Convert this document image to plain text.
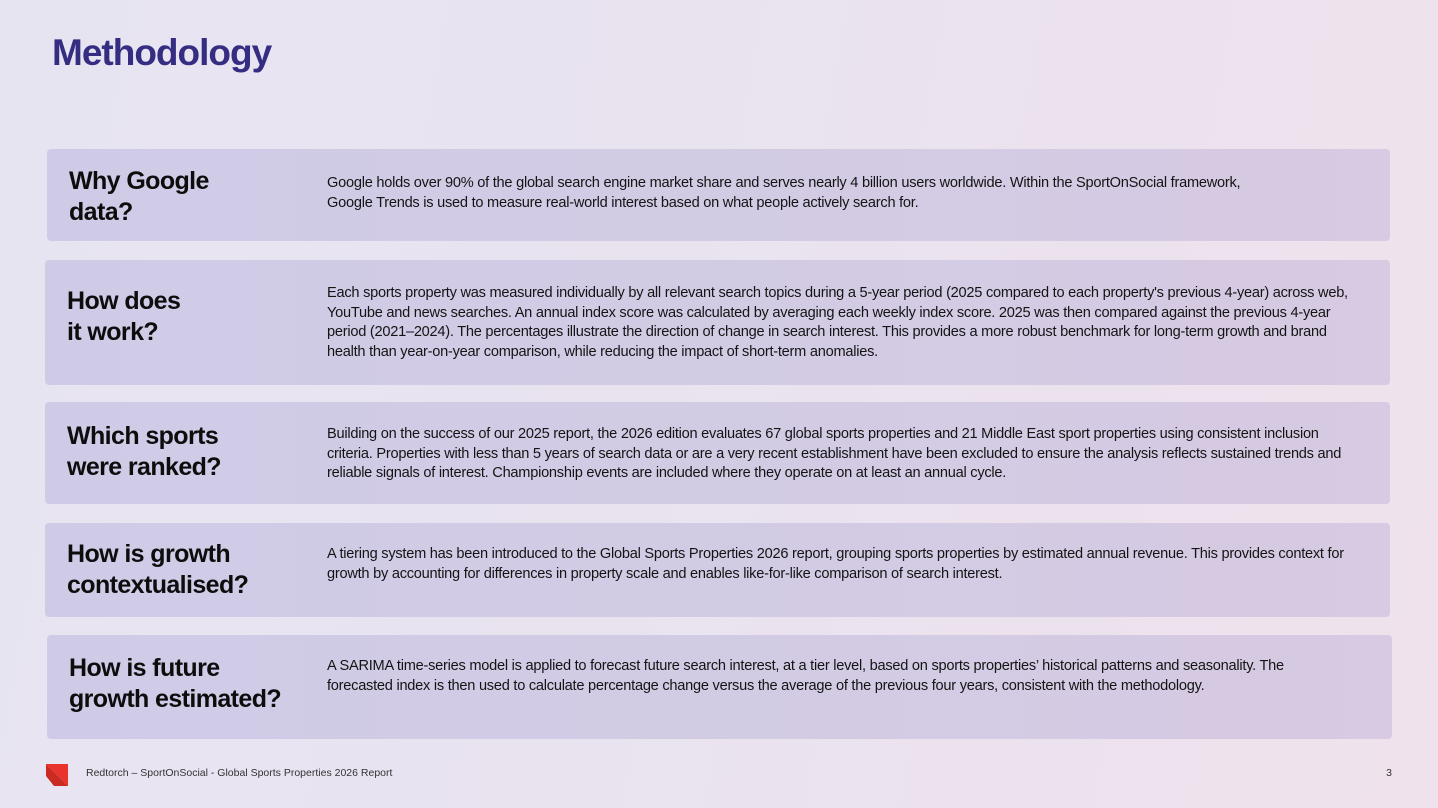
Methodology
Why Google
data?

Google holds over 90% of the global search engine market share and serves nearly 4 billion users worldwide. Within the SportOnSocial framework, Google Trends is used to measure real-world interest based on what people actively search for.

How does
it work?

Each sports property was measured individually by all relevant search topics during a 5-year period (2025 compared to each property's previous 4-year) across web, YouTube and news searches. An annual index score was calculated by averaging each weekly index score. 2025 was then compared against the previous 4-year period (2021–2024). The percentages illustrate the direction of change in search interest. This provides a more robust benchmark for long-term growth and brand health than year-on-year comparison, while reducing the impact of short-term anomalies.

Which sports
were ranked?

Building on the success of our 2025 report, the 2026 edition evaluates 67 global sports properties and 21 Middle East sport properties using consistent inclusion criteria. Properties with less than 5 years of search data or are a very recent establishment have been excluded to ensure the analysis reflects sustained trends and reliable signals of interest. Championship events are included where they operate on at least an annual cycle.

How is growth
contextualised?

A tiering system has been introduced to the Global Sports Properties 2026 report, grouping sports properties by estimated annual revenue. This provides context for growth by accounting for differences in property scale and enables like-for-like comparison of search interest.

How is future
growth estimated?

A SARIMA time-series model is applied to forecast future search interest, at a tier level, based on sports properties’ historical patterns and seasonality. The forecasted index is then used to calculate percentage change versus the average of the previous four years, consistent with the methodology.

Redtorch – SportOnSocial - Global Sports Properties 2026 Report	3
